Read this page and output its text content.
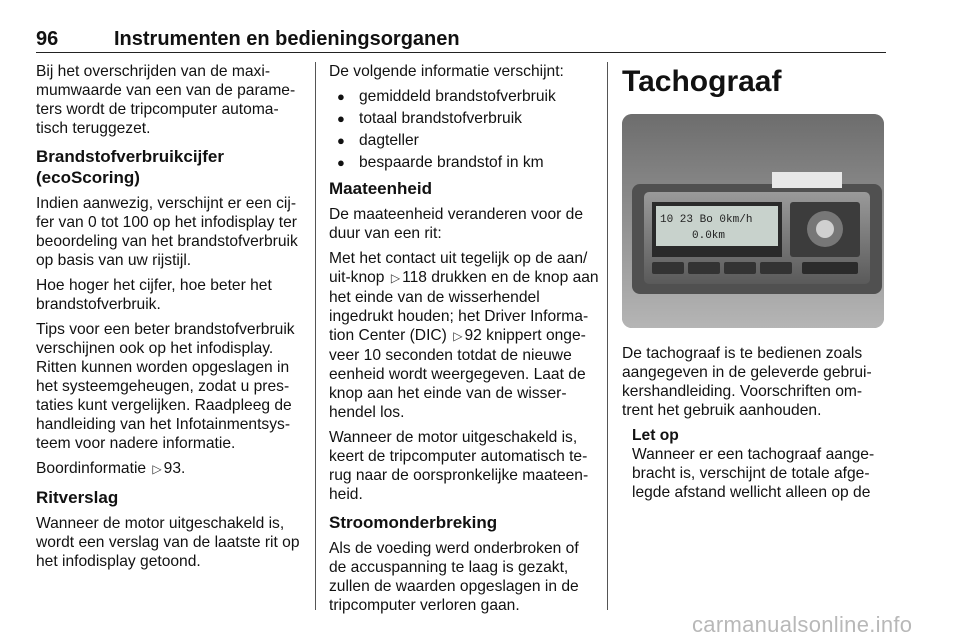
96	Instrumenten en bedieningsorganen

Bij het overschrijden van de maximumwaarde van een van de parameters wordt de tripcomputer automatisch teruggezet.

Brandstofverbruikcijfer (ecoScoring)

Indien aanwezig, verschijnt er een cijfer van 0 tot 100 op het infodisplay ter beoordeling van het brandstofverbruik op basis van uw rijstijl.

Hoe hoger het cijfer, hoe beter het brandstofverbruik.

Tips voor een beter brandstofverbruik verschijnen ook op het infodisplay. Ritten kunnen worden opgeslagen in het systeemgeheugen, zodat u prestaties kunt vergelijken. Raadpleeg de handleiding van het Infotainmentsysteem voor nadere informatie.

Boordinformatie ▷ 93.

Ritverslag

Wanneer de motor uitgeschakeld is, wordt een verslag van de laatste rit op het infodisplay getoond.

De volgende informatie verschijnt:

● gemiddeld brandstofverbruik
● totaal brandstofverbruik
● dagteller
● bespaarde brandstof in km
Maateenheid

De maateenheid veranderen voor de duur van een rit:

Met het contact uit tegelijk op de aan/ uit-knop ▷ 118 drukken en de knop aan het einde van de wisserhendel ingedrukt houden; het Driver Information Center (DIC) ▷ 92 knippert ongeveer 10 seconden totdat de nieuwe eenheid wordt weergegeven. Laat de knop aan het einde van de wisserhendel los.

Wanneer de motor uitgeschakeld is, keert de tripcomputer automatisch terug naar de oorspronkelijke maateenheid.

Stroomonderbreking

Als de voeding werd onderbroken of de accuspanning te laag is gezakt, zullen de waarden opgeslagen in de tripcomputer verloren gaan.

Tachograaf
10 23 Bo 0km/h
0.0km

De tachograaf is te bedienen zoals aangegeven in de geleverde gebruikershandleiding. Voorschriften omtrent het gebruik aanhouden.

Let op
Wanneer er een tachograaf aangebracht is, verschijnt de totale afgelegde afstand wellicht alleen op de
carmanualsonline.info
